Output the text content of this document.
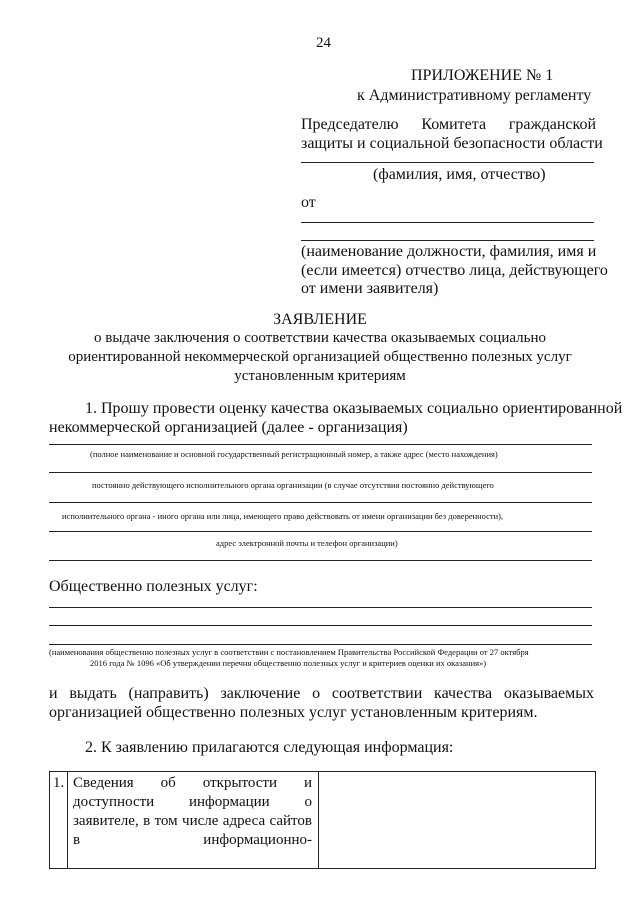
24
ПРИЛОЖЕНИЕ № 1
к Административному регламенту
Председателю Комитета гражданской
защиты и социальной безопасности области
(фамилия, имя, отчество)
от
(наименование должности, фамилия, имя и
(если имеется) отчество лица, действующего
от имени заявителя)
ЗАЯВЛЕНИЕ
о выдаче заключения о соответствии качества оказываемых социально
ориентированной некоммерческой организацией общественно полезных услуг
установленным критериям
1. Прошу провести оценку качества оказываемых социально ориентированной
некоммерческой организацией (далее - организация)
(полное наименование и основной государственный регистрационный номер, а также адрес (место нахождения)
постоянно действующего исполнительного органа организации (в случае отсутствия постоянно действующего
исполнительного органа - иного органа или лица, имеющего право действовать от имени организации без доверенности),
адрес электронной почты и телефон организации)
Общественно полезных услуг:
(наименования общественно полезных услуг в соответствии с постановлением Правительства Российской Федерации от 27 октября
2016 года № 1096 «Об утверждении перечня общественно полезных услуг и критериев оценки их оказания»)
и выдать (направить) заключение о соответствии качества оказываемых
организацией общественно полезных услуг установленным критериям.
2. К заявлению прилагаются следующая информация:
1.	Сведения об открытости и
доступности информации о
заявителе, в том числе адреса сайтов
в информационно-
